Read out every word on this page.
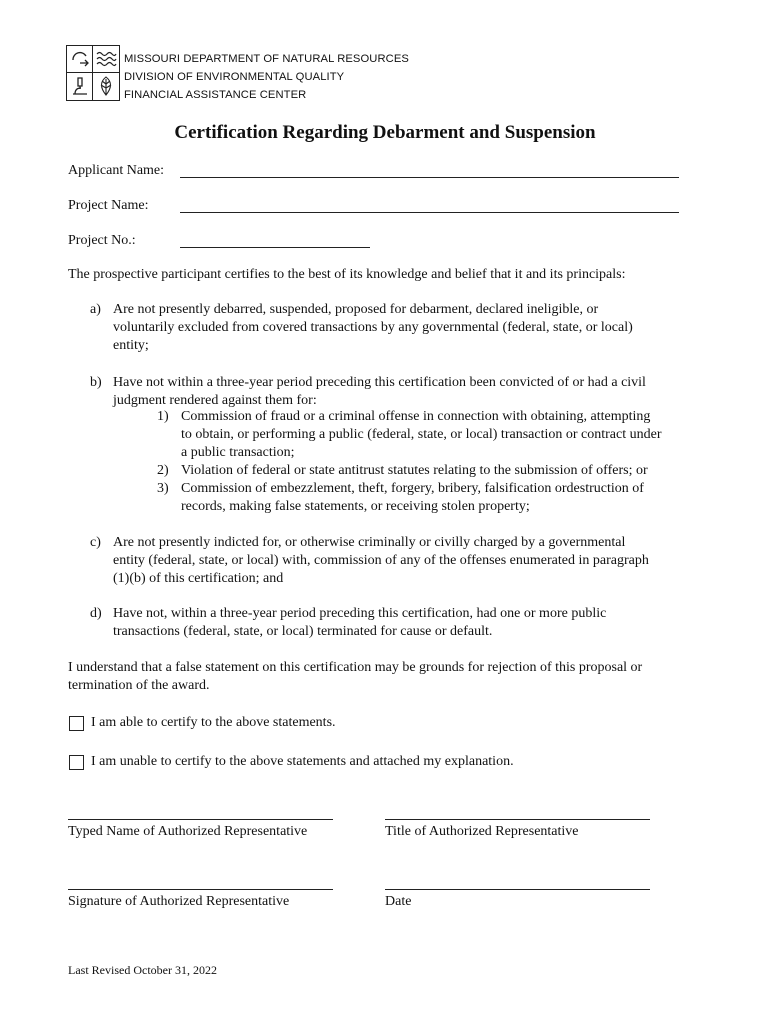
MISSOURI DEPARTMENT OF NATURAL RESOURCES
DIVISION OF ENVIRONMENTAL QUALITY
FINANCIAL ASSISTANCE CENTER
Certification Regarding Debarment and Suspension
Applicant Name:
Project Name:
Project No.:
The prospective participant certifies to the best of its knowledge and belief that it and its principals:
a) Are not presently debarred, suspended, proposed for debarment, declared ineligible, or
voluntarily excluded from covered transactions by any governmental (federal, state, or local)
entity;
b) Have not within a three-year period preceding this certification been convicted of or had a civil
judgment rendered against them for:
1) Commission of fraud or a criminal offense in connection with obtaining, attempting
to obtain, or performing a public (federal, state, or local) transaction or contract under
a public transaction;
2) Violation of federal or state antitrust statutes relating to the submission of offers; or
3) Commission of embezzlement, theft, forgery, bribery, falsification ordestruction of
records, making false statements, or receiving stolen property;
c) Are not presently indicted for, or otherwise criminally or civilly charged by a governmental
entity (federal, state, or local) with, commission of any of the offenses enumerated in paragraph
(1)(b) of this certification; and
d) Have not, within a three-year period preceding this certification, had one or more public
transactions (federal, state, or local) terminated for cause or default.
I understand that a false statement on this certification may be grounds for rejection of this proposal or
termination of the award.
I am able to certify to the above statements.
I am unable to certify to the above statements and attached my explanation.
Typed Name of Authorized Representative	Title of Authorized Representative
Signature of Authorized Representative	Date
Last Revised October 31, 2022
